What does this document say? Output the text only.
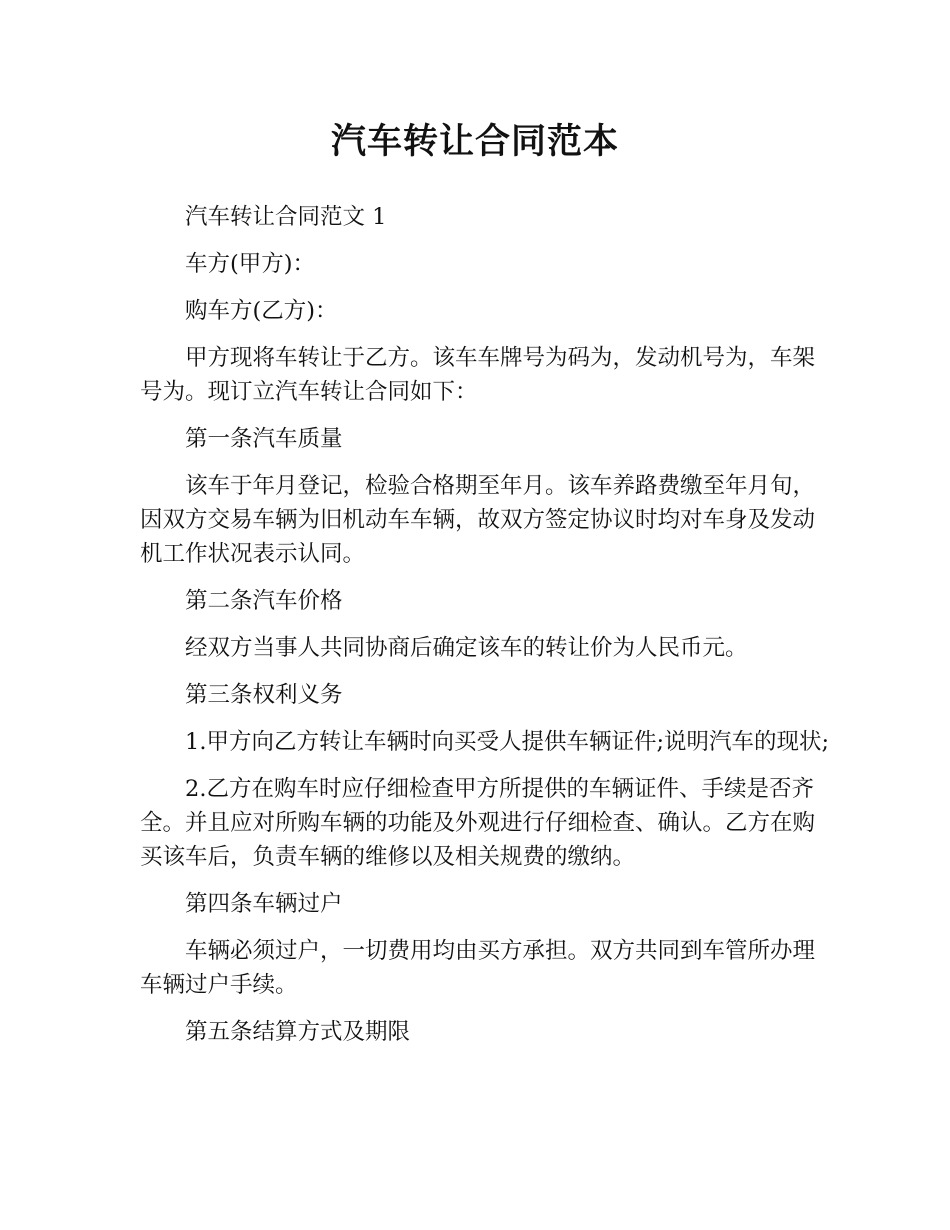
汽车转让合同范本

汽车转让合同范文 1

车方(甲方)：

购车方(乙方)：

甲方现将车转让于乙方。该车车牌号为码为，发动机号为，车架号为。现订立汽车转让合同如下：

第一条汽车质量

该车于年月登记，检验合格期至年月。该车养路费缴至年月旬，因双方交易车辆为旧机动车车辆，故双方签定协议时均对车身及发动机工作状况表示认同。

第二条汽车价格

经双方当事人共同协商后确定该车的转让价为人民币元。

第三条权利义务

1.甲方向乙方转让车辆时向买受人提供车辆证件;说明汽车的现状;

2.乙方在购车时应仔细检查甲方所提供的车辆证件、手续是否齐全。并且应对所购车辆的功能及外观进行仔细检查、确认。乙方在购买该车后，负责车辆的维修以及相关规费的缴纳。

第四条车辆过户

车辆必须过户，一切费用均由买方承担。双方共同到车管所办理车辆过户手续。

第五条结算方式及期限
